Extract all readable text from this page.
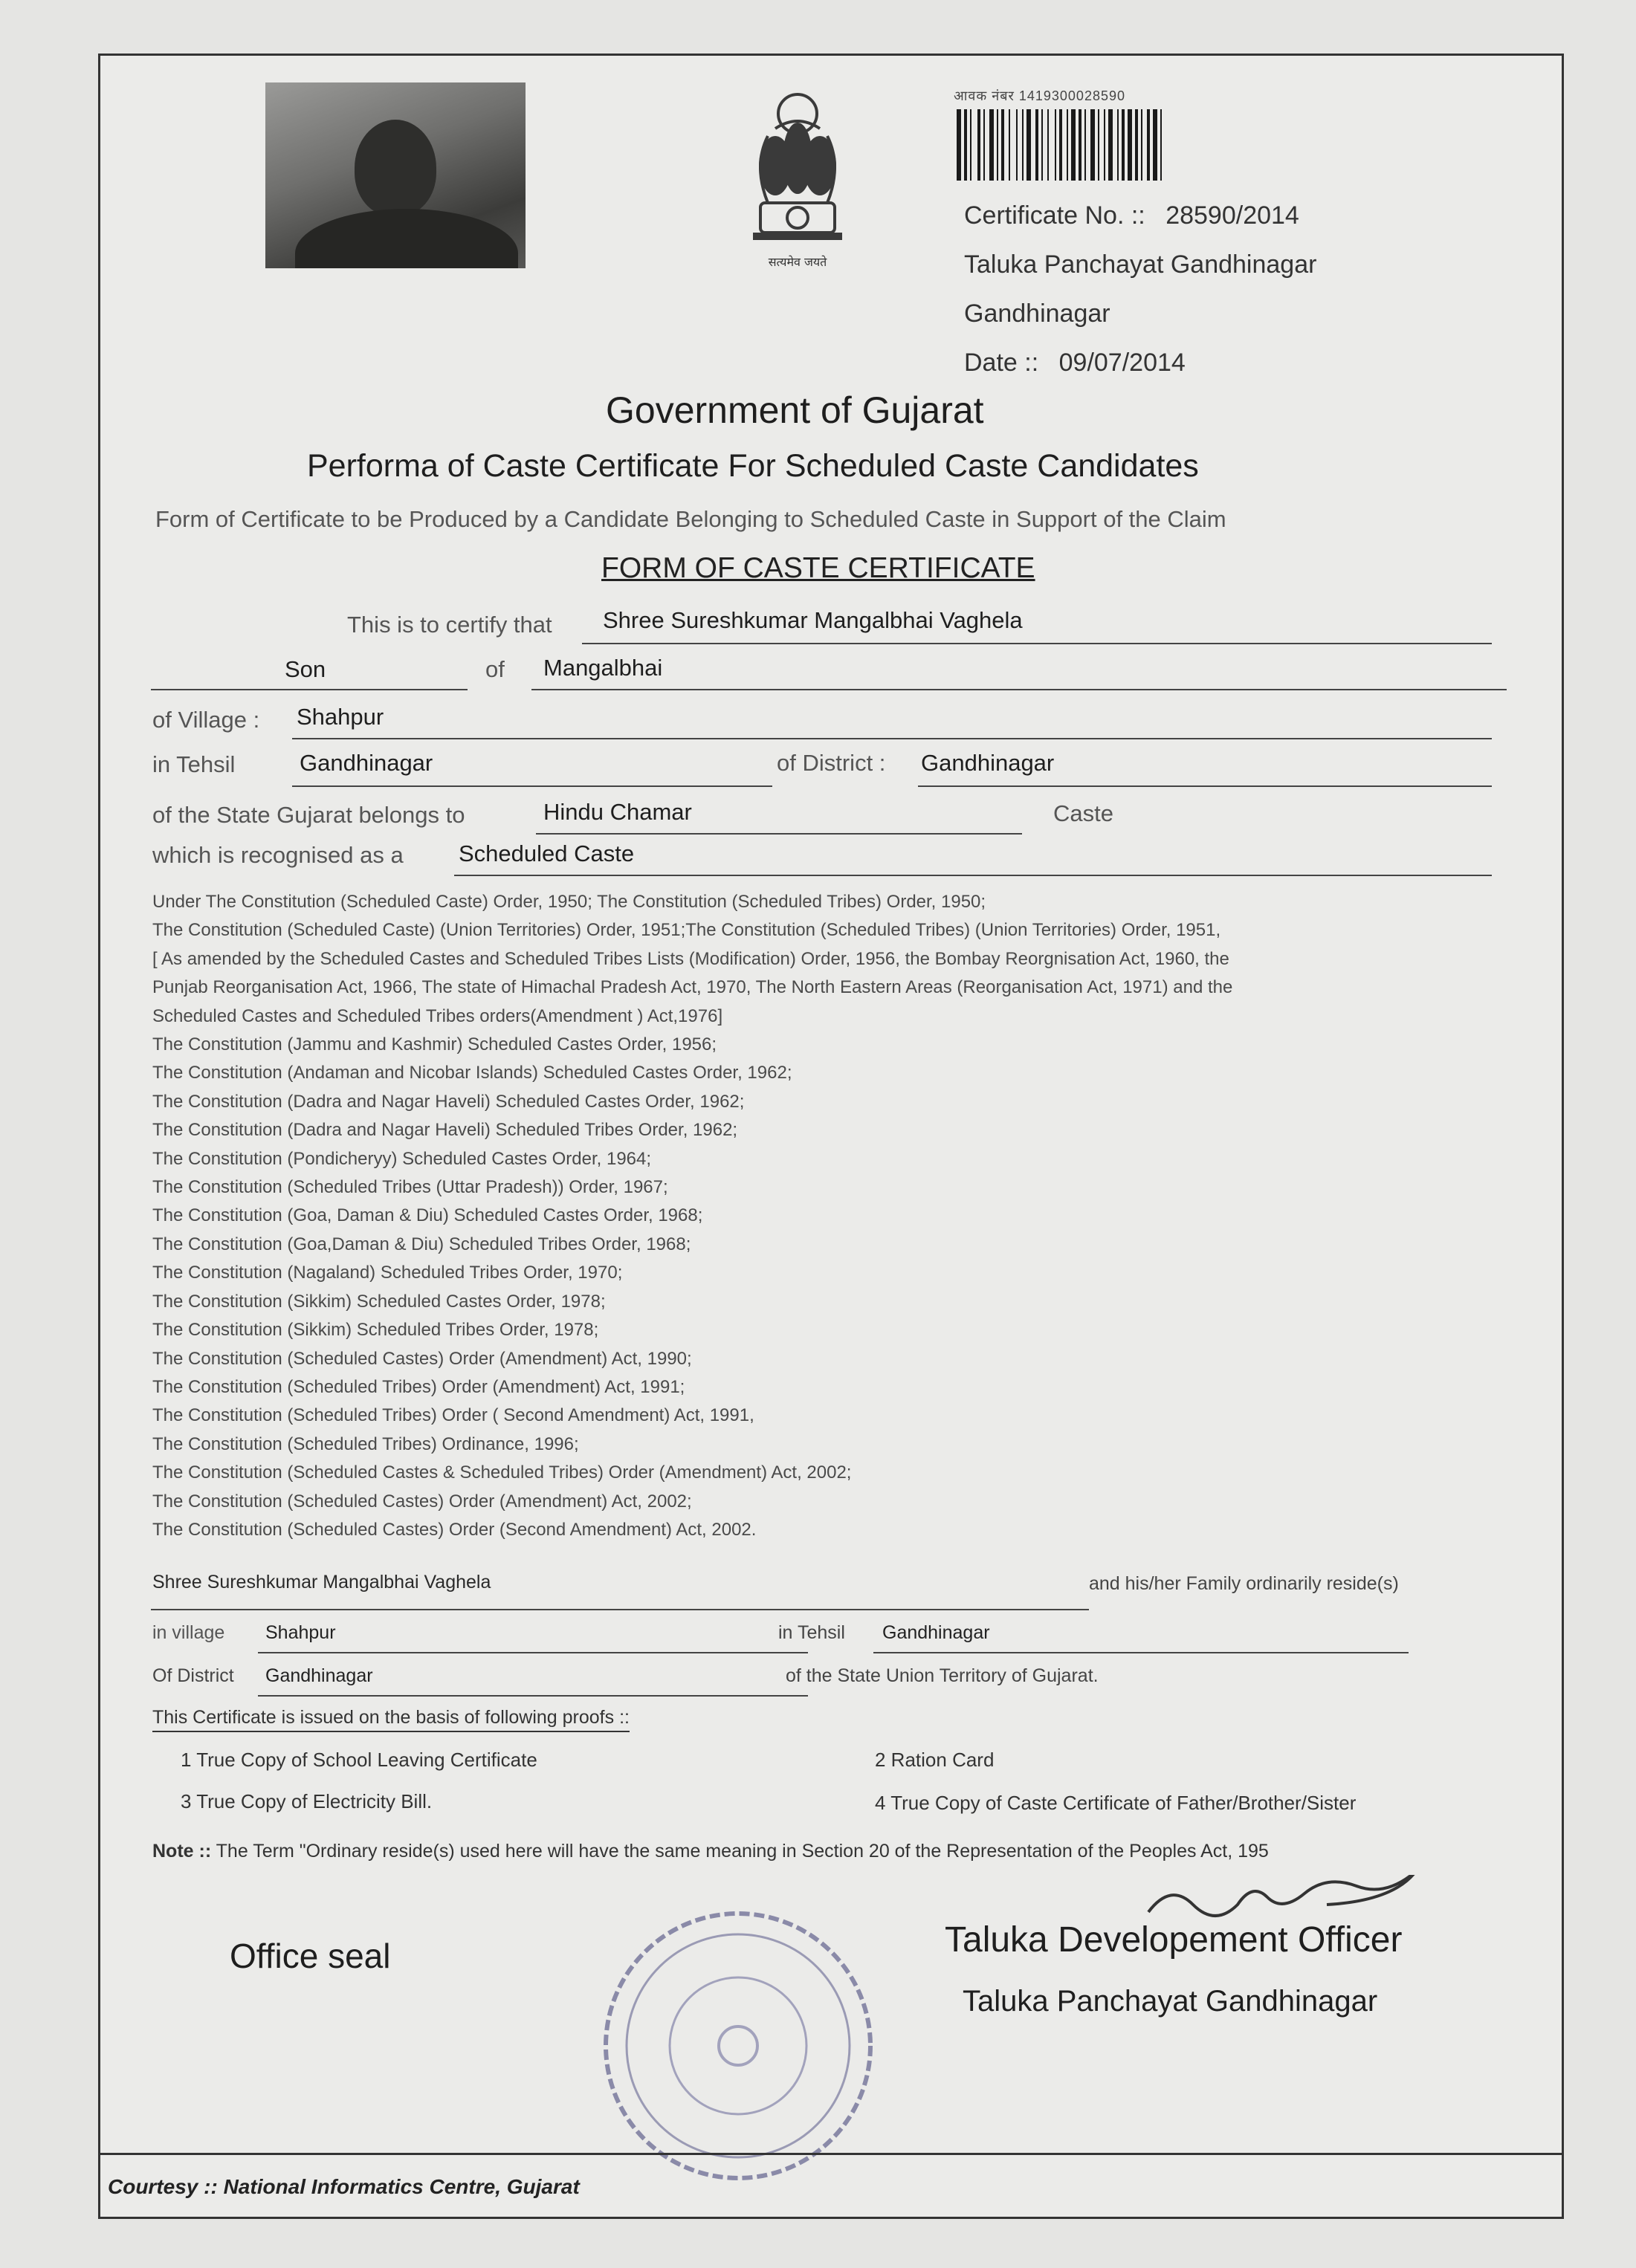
सत्यमेव जयते
आवक नंबर 1419300028590
Certificate No. :: 28590/2014
Taluka Panchayat Gandhinagar
Gandhinagar
Date :: 09/07/2014
Government of Gujarat
Performa of Caste Certificate For Scheduled Caste Candidates
Form of Certificate to be Produced by a Candidate Belonging to Scheduled Caste in Support of the Claim
FORM OF CASTE CERTIFICATE
This is to certify that Shree Sureshkumar Mangalbhai Vaghela
Son	of Mangalbhai
of Village : Shahpur
in Tehsil	Gandhinagar	of District : Gandhinagar
of the State Gujarat belongs to	Hindu Chamar	Caste
which is recognised as a Scheduled Caste
Under The Constitution (Scheduled Caste) Order, 1950; The Constitution (Scheduled Tribes) Order, 1950;
The Constitution (Scheduled Caste) (Union Territories) Order, 1951;The Constitution (Scheduled Tribes) (Union Territories) Order, 1951,
[ As amended by the Scheduled Castes and Scheduled Tribes Lists (Modification) Order, 1956, the Bombay Reorgnisation Act, 1960, the
Punjab Reorganisation Act, 1966, The state of Himachal Pradesh Act, 1970, The North Eastern Areas (Reorganisation Act, 1971) and the
Scheduled Castes and Scheduled Tribes orders(Amendment ) Act,1976]
The Constitution (Jammu and Kashmir) Scheduled Castes Order, 1956;
The Constitution (Andaman and Nicobar Islands) Scheduled Castes Order, 1962;
The Constitution (Dadra and Nagar Haveli) Scheduled Castes Order, 1962;
The Constitution (Dadra and Nagar Haveli) Scheduled Tribes Order, 1962;
The Constitution (Pondicheryy) Scheduled Castes Order, 1964;
The Constitution (Scheduled Tribes (Uttar Pradesh)) Order, 1967;
The Constitution (Goa, Daman & Diu) Scheduled Castes Order, 1968;
The Constitution (Goa,Daman & Diu) Scheduled Tribes Order, 1968;
The Constitution (Nagaland) Scheduled Tribes Order, 1970;
The Constitution (Sikkim) Scheduled Castes Order, 1978;
The Constitution (Sikkim) Scheduled Tribes Order, 1978;
The Constitution (Scheduled Castes) Order (Amendment) Act, 1990;
The Constitution (Scheduled Tribes) Order (Amendment) Act, 1991;
The Constitution (Scheduled Tribes) Order ( Second Amendment) Act, 1991,
The Constitution (Scheduled Tribes) Ordinance, 1996;
The Constitution (Scheduled Castes & Scheduled Tribes) Order (Amendment) Act, 2002;
The Constitution (Scheduled Castes) Order (Amendment) Act, 2002;
The Constitution (Scheduled Castes) Order (Second Amendment) Act, 2002.
Shree Sureshkumar Mangalbhai Vaghela	and his/her Family ordinarily reside(s)
in village Shahpur	in Tehsil Gandhinagar
Of District Gandhinagar	of the State Union Territory of Gujarat.
This Certificate is issued on the basis of following proofs ::
1 True Copy of School Leaving Certificate	2 Ration Card
3 True Copy of Electricity Bill.	4 True Copy of Caste Certificate of Father/Brother/Sister
Note :: The Term "Ordinary reside(s) used here will have the same meaning in Section 20 of the Representation of the Peoples Act, 195
Office seal	Taluka Developement Officer
Taluka Panchayat Gandhinagar
Courtesy :: National Informatics Centre, Gujarat
